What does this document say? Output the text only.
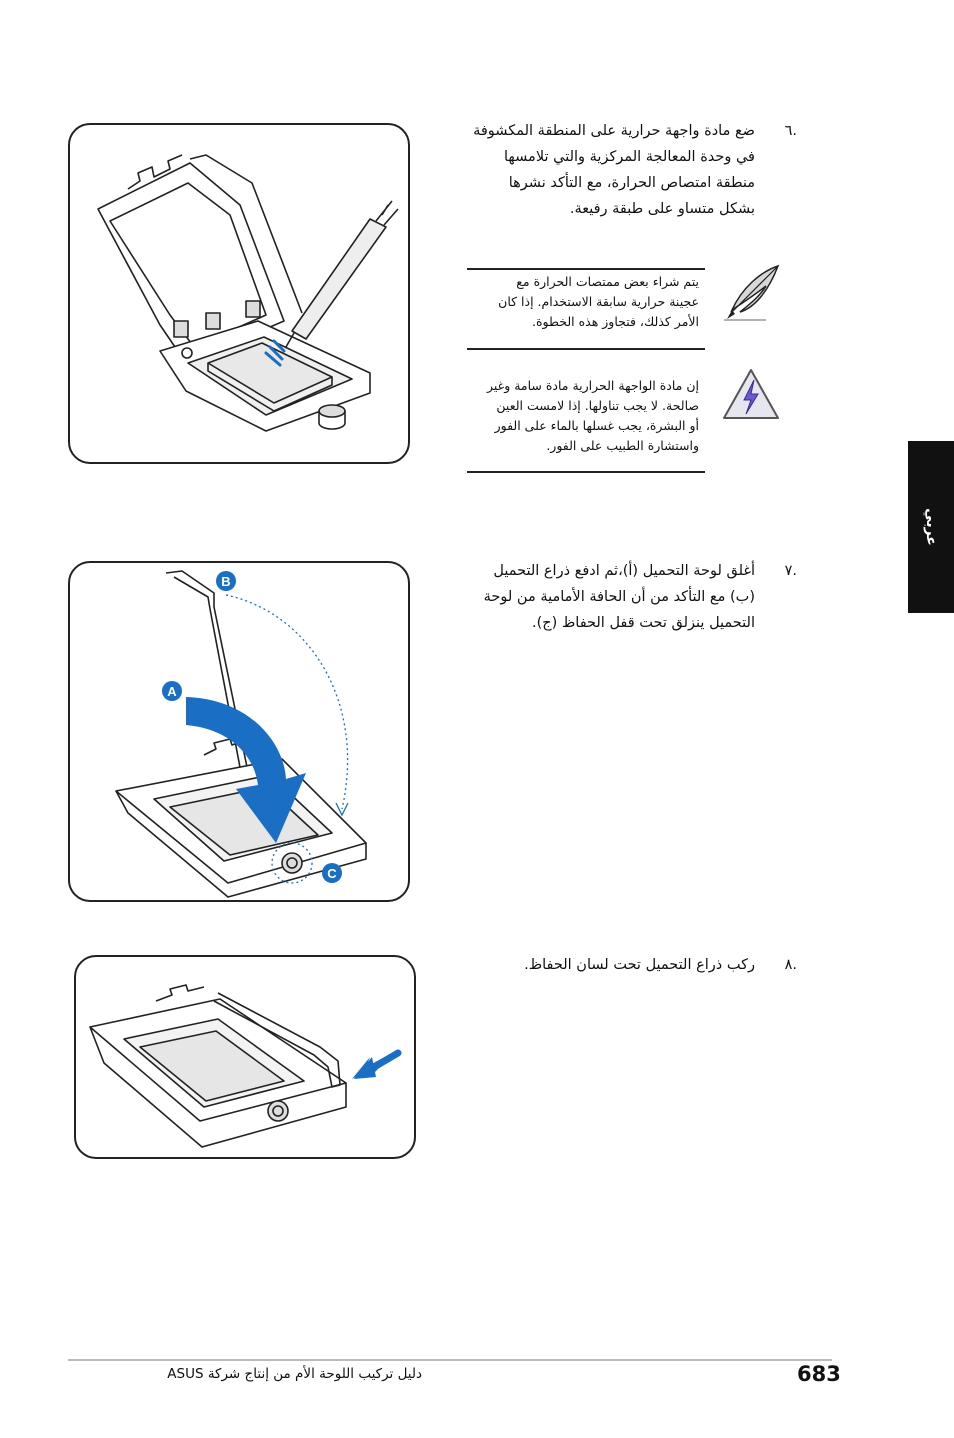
.٦

ضع مادة واجهة حرارية على المنطقة المكشوفة

في وحدة المعالجة المركزية والتي تلامسها

منطقة امتصاص الحرارة، مع التأكد نشرها

بشكل متساو على طبقة رفيعة.

يتم شراء بعض ممتصات الحرارة مع
عجينة حرارية سابقة الاستخدام. إذا كان
الأمر كذلك، فتجاوز هذه الخطوة.
إن مادة الواجهة الحرارية مادة سامة وغير
صالحة. لا يجب تناولها. إذا لامست العين
أو البشرة، يجب غسلها بالماء على الفور
واستشارة الطبيب على الفور.
عربي
.٧

أغلق لوحة التحميل (أ)،ثم ادفع ذراع التحميل

(ب) مع التأكد من أن الحافة الأمامية من لوحة

التحميل ينزلق تحت قفل الحفاظ (ج).

B
A
C
.٨

ركب ذراع التحميل تحت لسان الحفاظ.

683
دليل تركيب اللوحة الأم من إنتاج شركة ASUS
